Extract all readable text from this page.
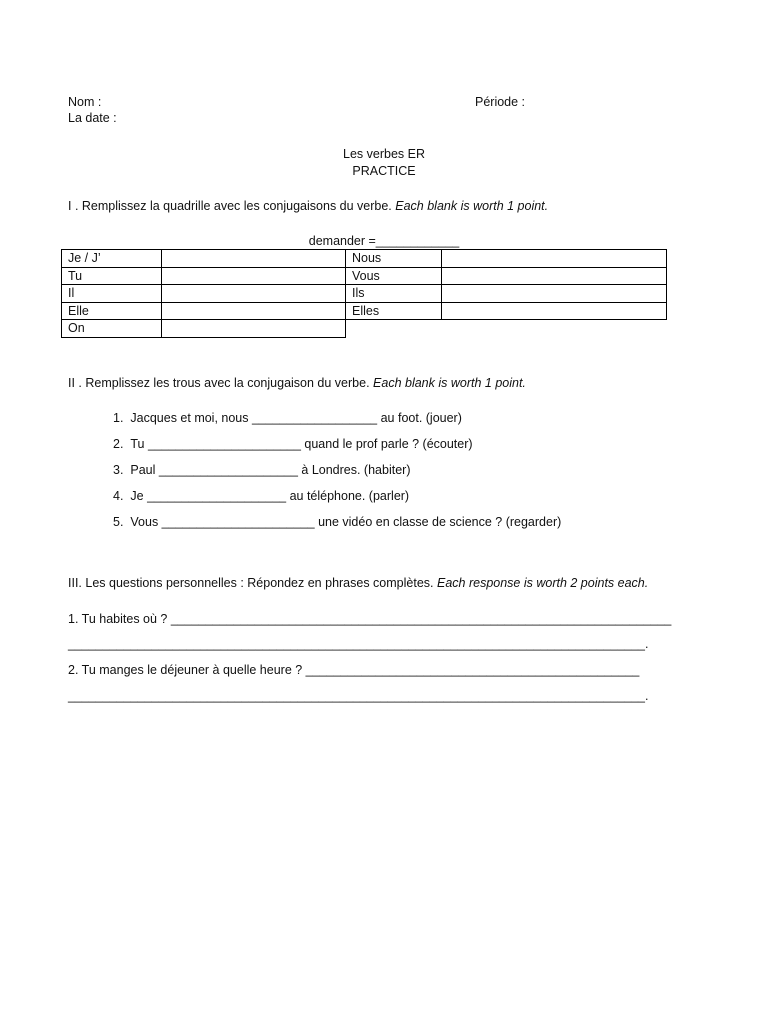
Nom :	Période :
La date :
Les verbes ER
PRACTICE
I . Remplissez la quadrille avec les conjugaisons du verbe. Each blank is worth 1 point.
demander =____________
Je / J’		Nous	
Tu		Vous	
Il		Ils	
Elle		Elles	
On			
II . Remplissez les trous avec la conjugaison du verbe. Each blank is worth 1 point.
1. Jacques et moi, nous __________________ au foot. (jouer)
2. Tu ______________________ quand le prof parle ? (écouter)
3. Paul ____________________ à Londres. (habiter)
4. Je ____________________ au téléphone. (parler)
5. Vous ______________________ une vidéo en classe de science ? (regarder)
III. Les questions personnelles : Répondez en phrases complètes. Each response is worth 2 points each.
1. Tu habites où ? ________________________________________________________________________
___________________________________________________________________________________.
2. Tu manges le déjeuner à quelle heure ? ________________________________________________
___________________________________________________________________________________.
